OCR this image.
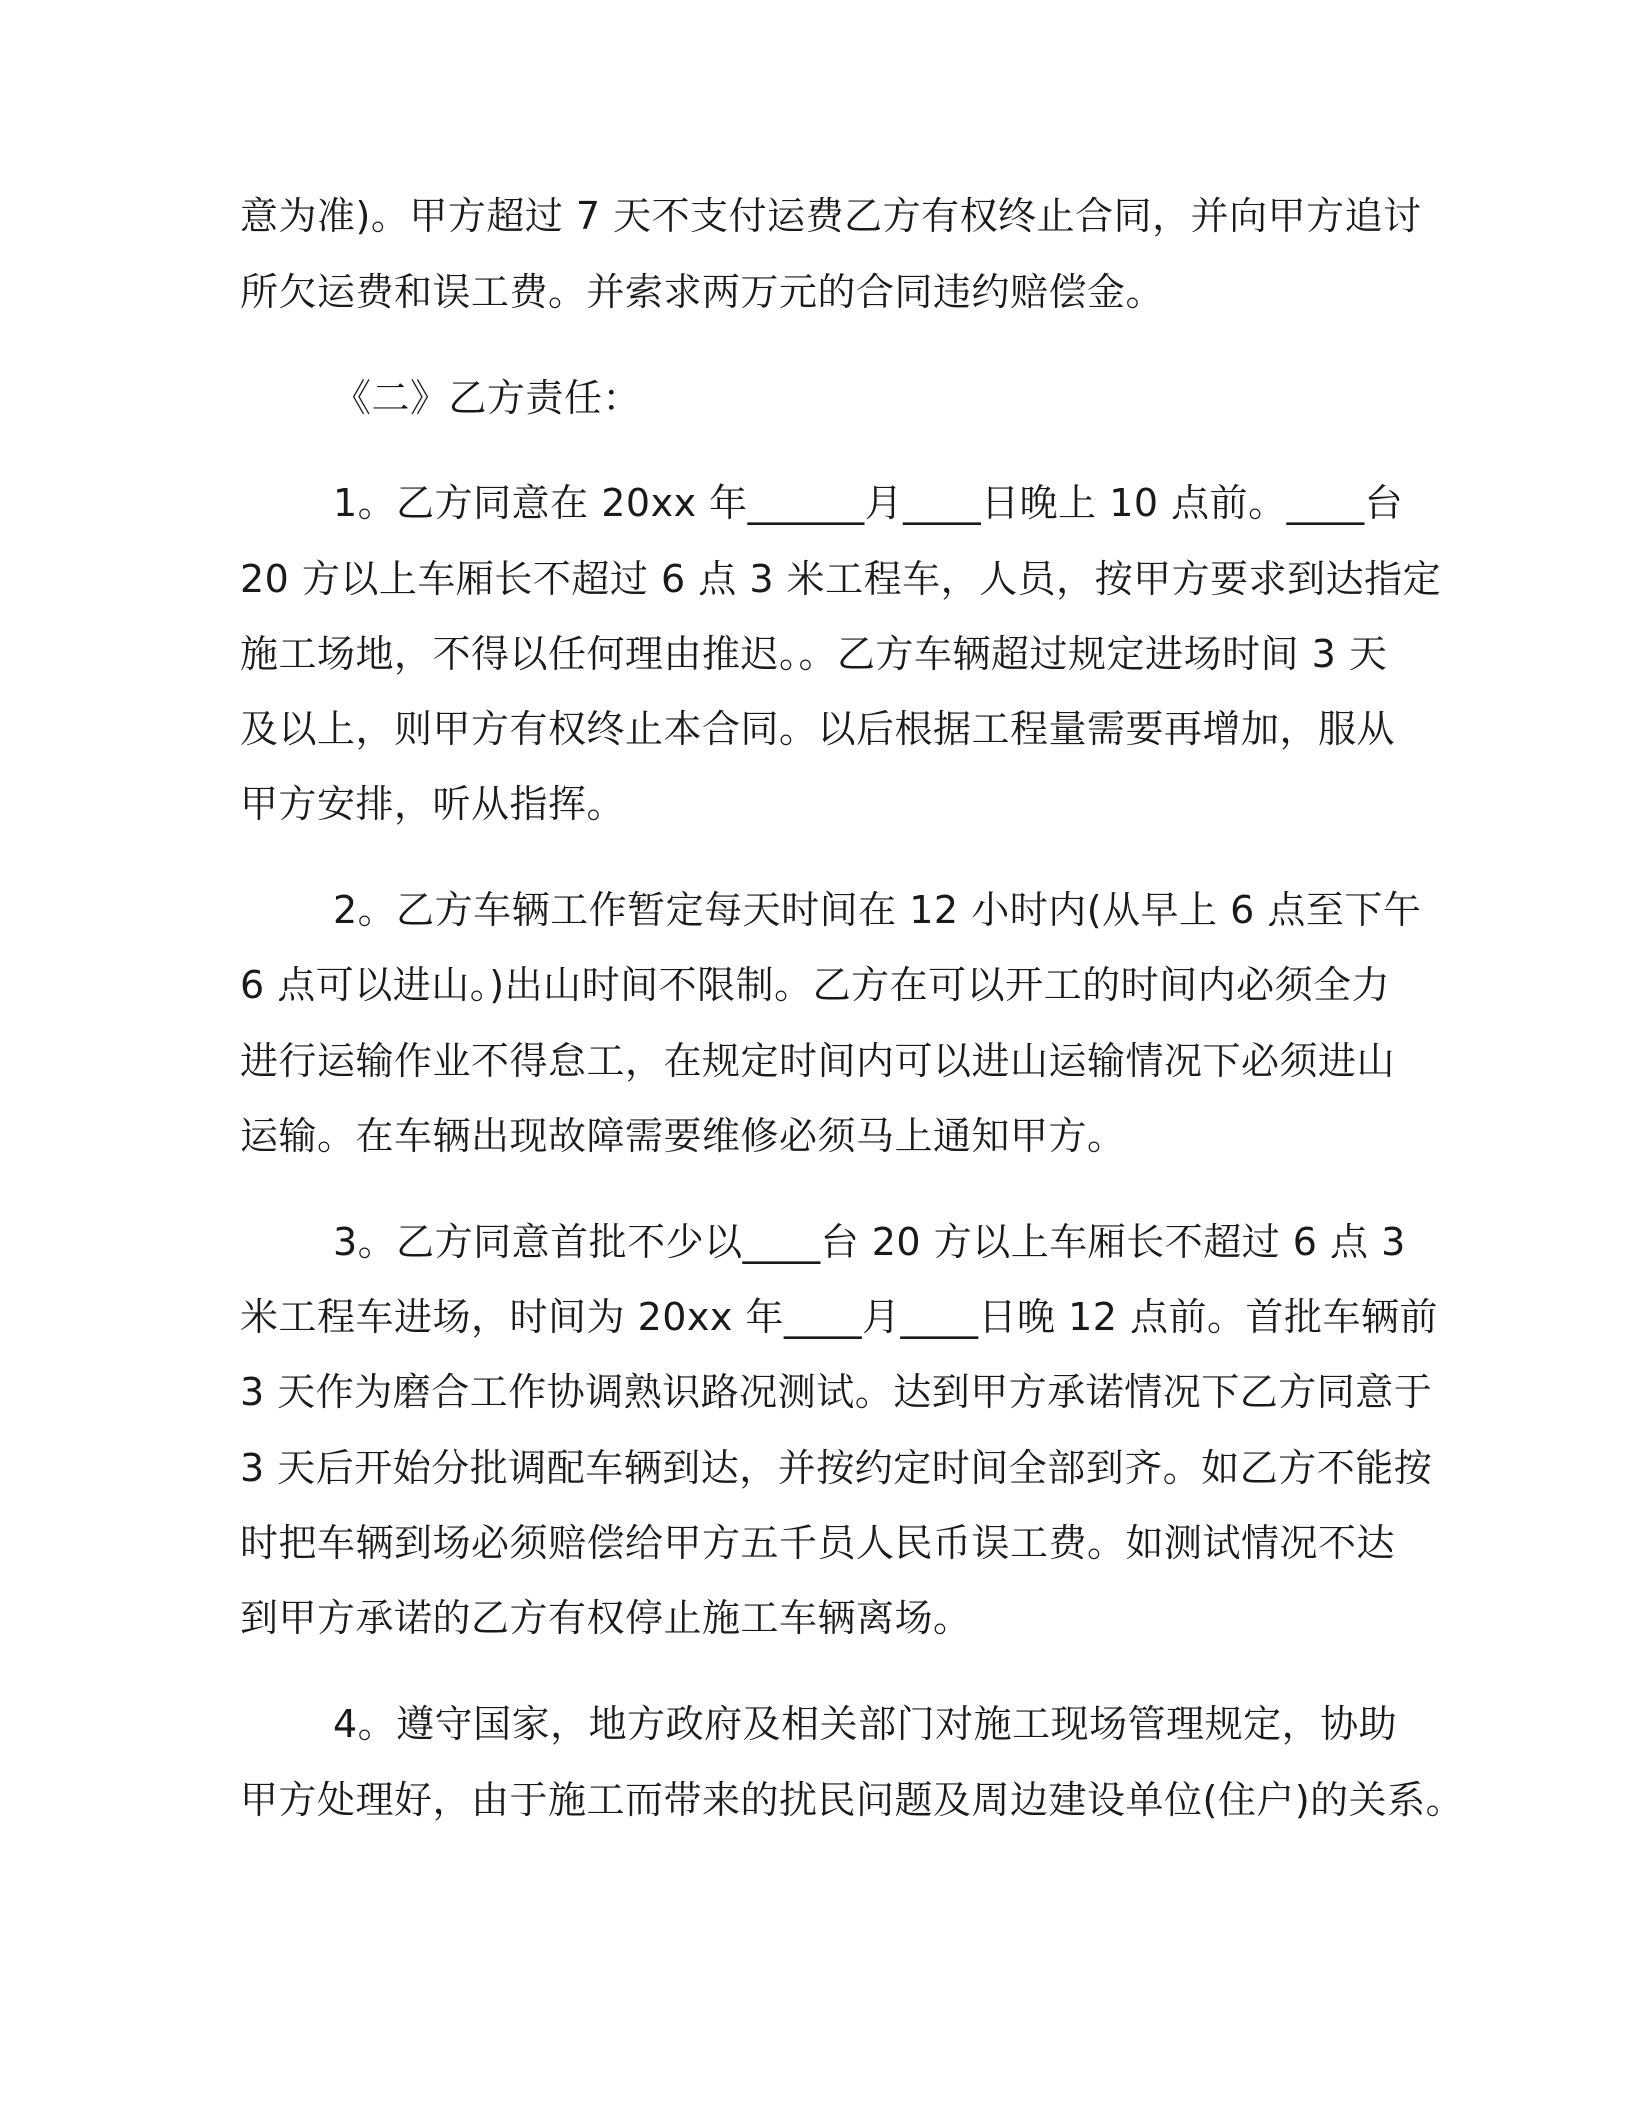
意为准)。甲方超过 7 天不支付运费乙方有权终止合同，并向甲方追讨
所欠运费和误工费。并索求两万元的合同违约赔偿金。
《二》乙方责任：
1。乙方同意在 20xx 年______月____日晚上 10 点前。____台
20 方以上车厢长不超过 6 点 3 米工程车，人员，按甲方要求到达指定
施工场地，不得以任何理由推迟。。乙方车辆超过规定进场时间 3 天
及以上，则甲方有权终止本合同。以后根据工程量需要再增加，服从
甲方安排，听从指挥。
2。乙方车辆工作暂定每天时间在 12 小时内(从早上 6 点至下午
6 点可以进山。)出山时间不限制。乙方在可以开工的时间内必须全力
进行运输作业不得怠工，在规定时间内可以进山运输情况下必须进山
运输。在车辆出现故障需要维修必须马上通知甲方。
3。乙方同意首批不少以____台 20 方以上车厢长不超过 6 点 3
米工程车进场，时间为 20xx 年____月____日晚 12 点前。首批车辆前
3 天作为磨合工作协调熟识路况测试。达到甲方承诺情况下乙方同意于
3 天后开始分批调配车辆到达，并按约定时间全部到齐。如乙方不能按
时把车辆到场必须赔偿给甲方五千员人民币误工费。如测试情况不达
到甲方承诺的乙方有权停止施工车辆离场。
4。遵守国家，地方政府及相关部门对施工现场管理规定，协助
甲方处理好，由于施工而带来的扰民问题及周边建设单位(住户)的关系。
